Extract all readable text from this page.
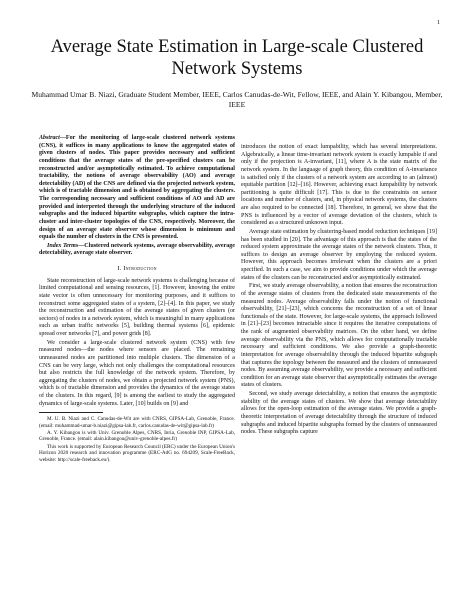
1
Average State Estimation in Large-scale Clustered Network Systems
Muhammad Umar B. Niazi, Graduate Student Member, IEEE, Carlos Canudas-de-Wit, Fellow, IEEE, and Alain Y. Kibangou, Member, IEEE

Abstract—For the monitoring of large-scale clustered network systems (CNS), it suffices in many applications to know the aggregated states of given clusters of nodes. This paper provides necessary and sufficient conditions that the average states of the pre-specified clusters can be reconstructed and/or asymptotically estimated. To achieve computational tractability, the notions of average observability (AO) and average detectability (AD) of the CNS are defined via the projected network system, which is of tractable dimension and is obtained by aggregating the clusters. The corresponding necessary and sufficient conditions of AO and AD are provided and interpreted through the underlying structure of the induced subgraphs and the induced bipartite subgraphs, which capture the intra-cluster and inter-cluster topologies of the CNS, respectively. Moreover, the design of an average state observer whose dimension is minimum and equals the number of clusters in the CNS is presented.

Index Terms—Clustered network systems, average observability, average detectability, average state observer.

I. Introduction

State reconstruction of large-scale network systems is challenging because of limited computational and sensing resources, [1]. However, knowing the entire state vector is often unnecessary for monitoring purposes, and it suffices to reconstruct some aggregated states of a system, [2]–[4]. In this paper, we study the reconstruction and estimation of the average states of given clusters (or sectors) of nodes in a network system, which is meaningful in many applications such as urban traffic networks [5], building thermal systems [6], epidemic spread over networks [7], and power grids [8].

We consider a large-scale clustered network system (CNS) with few measured nodes—the nodes where sensors are placed. The remaining unmeasured nodes are partitioned into multiple clusters. The dimension of a CNS can be very large, which not only challenges the computational resources but also restricts the full knowledge of the network system. Therefore, by aggregating the clusters of nodes, we obtain a projected network system (PNS), which is of tractable dimension and provides the dynamics of the average states of the clusters. In this regard, [9] is among the earliest to study the aggregated dynamics of large-scale systems. Later, [10] builds on [9] and

M. U. B. Niazi and C. Canudas-de-Wit are with CNRS, GIPSA-Lab, Grenoble, France. (email: muhammad-umar-b.niazi@gipsa-lab.fr, carlos.canudas-de-wit@gipsa-lab.fr)

A. Y. Kibangou is with Univ. Grenoble Alpes, CNRS, Inria, Grenoble INP, GIPSA-Lab, Grenoble, France. (email: alain.kibangou@univ-grenoble-alpes.fr)

This work is supported by European Research Council (ERC) under the European Union's Horizon 2020 research and innovation programme (ERC-AdG no. 694209, Scale-FreeBack, website: http://scale-freeback.eu/).

introduces the notion of exact lumpability, which has several interpretations. Algebraically, a linear time-invariant network system is exactly lumpable if and only if the projection is A-invariant, [11], where A is the state matrix of the network system. In the language of graph theory, this condition of A-invariance is satisfied only if the clusters of a network system are according to an (almost) equitable partition [12]–[16]. However, achieving exact lumpability by network partitioning is quite difficult [17]. This is due to the constraints on sensor locations and number of clusters, and, in physical network systems, the clusters are also required to be connected [18]. Therefore, in general, we show that the PNS is influenced by a vector of average deviation of the clusters, which is considered as a structured unknown input.

Average state estimation by clustering-based model reduction techniques [19] has been studied in [20]. The advantage of this approach is that the states of the reduced system approximate the average states of the network clusters. Thus, it suffices to design an average observer by employing the reduced system. However, this approach becomes irrelevant when the clusters are a priori specified. In such a case, we aim to provide conditions under which the average states of the clusters can be reconstructed and/or asymptotically estimated.

First, we study average observability, a notion that ensures the reconstruction of the average states of clusters from the dedicated state measurements of the measured nodes. Average observability falls under the notion of functional observability, [21]–[23], which concerns the reconstruction of a set of linear functionals of the state. However, for large-scale systems, the approach followed in [21]–[23] becomes intractable since it requires the iterative computations of the rank of augmented observability matrices. On the other hand, we define average observability via the PNS, which allows for computationally tractable necessary and sufficient conditions. We also provide a graph-theoretic interpretation for average observability through the induced bipartite subgraph that captures the topology between the measured and the clusters of unmeasured nodes. By assuming average observability, we provide a necessary and sufficient condition for an average state observer that asymptotically estimates the average states of clusters.

Second, we study average detectability, a notion that ensures the asymptotic stability of the average states of clusters. We show that average detectability allows for the open-loop estimation of the average states. We provide a graph-theoretic interpretation of average detectability through the structure of induced subgraphs and induced bipartite subgraphs formed by the clusters of unmeasured nodes. These subgraphs capture
